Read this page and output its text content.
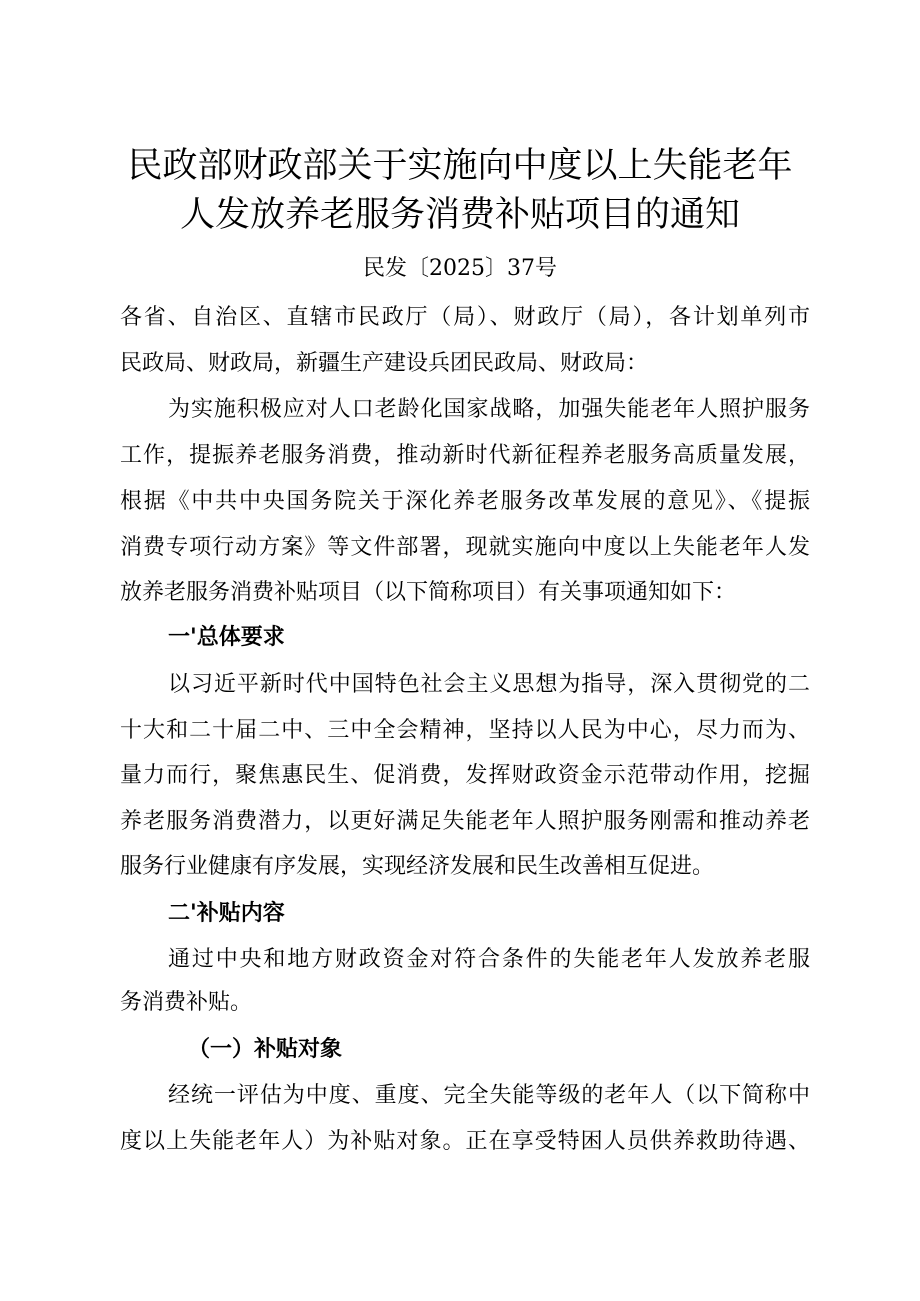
民政部财政部关于实施向中度以上失能老年
人发放养老服务消费补贴项目的通知
民发〔2025〕37号
各省、自治区、直辖市民政厅（局）、财政厅（局），各计划单列市
民政局、财政局，新疆生产建设兵团民政局、财政局：
为实施积极应对人口老龄化国家战略，加强失能老年人照护服务
工作，提振养老服务消费，推动新时代新征程养老服务高质量发展，
根据《中共中央国务院关于深化养老服务改革发展的意见》、《提振
消费专项行动方案》等文件部署，现就实施向中度以上失能老年人发
放养老服务消费补贴项目（以下简称项目）有关事项通知如下：
一'总体要求
以习近平新时代中国特色社会主义思想为指导，深入贯彻党的二
十大和二十届二中、三中全会精神，坚持以人民为中心，尽力而为、
量力而行，聚焦惠民生、促消费，发挥财政资金示范带动作用，挖掘
养老服务消费潜力，以更好满足失能老年人照护服务刚需和推动养老
服务行业健康有序发展，实现经济发展和民生改善相互促进。
二'补贴内容
通过中央和地方财政资金对符合条件的失能老年人发放养老服
务消费补贴。
（一）补贴对象
经统一评估为中度、重度、完全失能等级的老年人（以下简称中
度以上失能老年人）为补贴对象。正在享受特困人员供养救助待遇、
